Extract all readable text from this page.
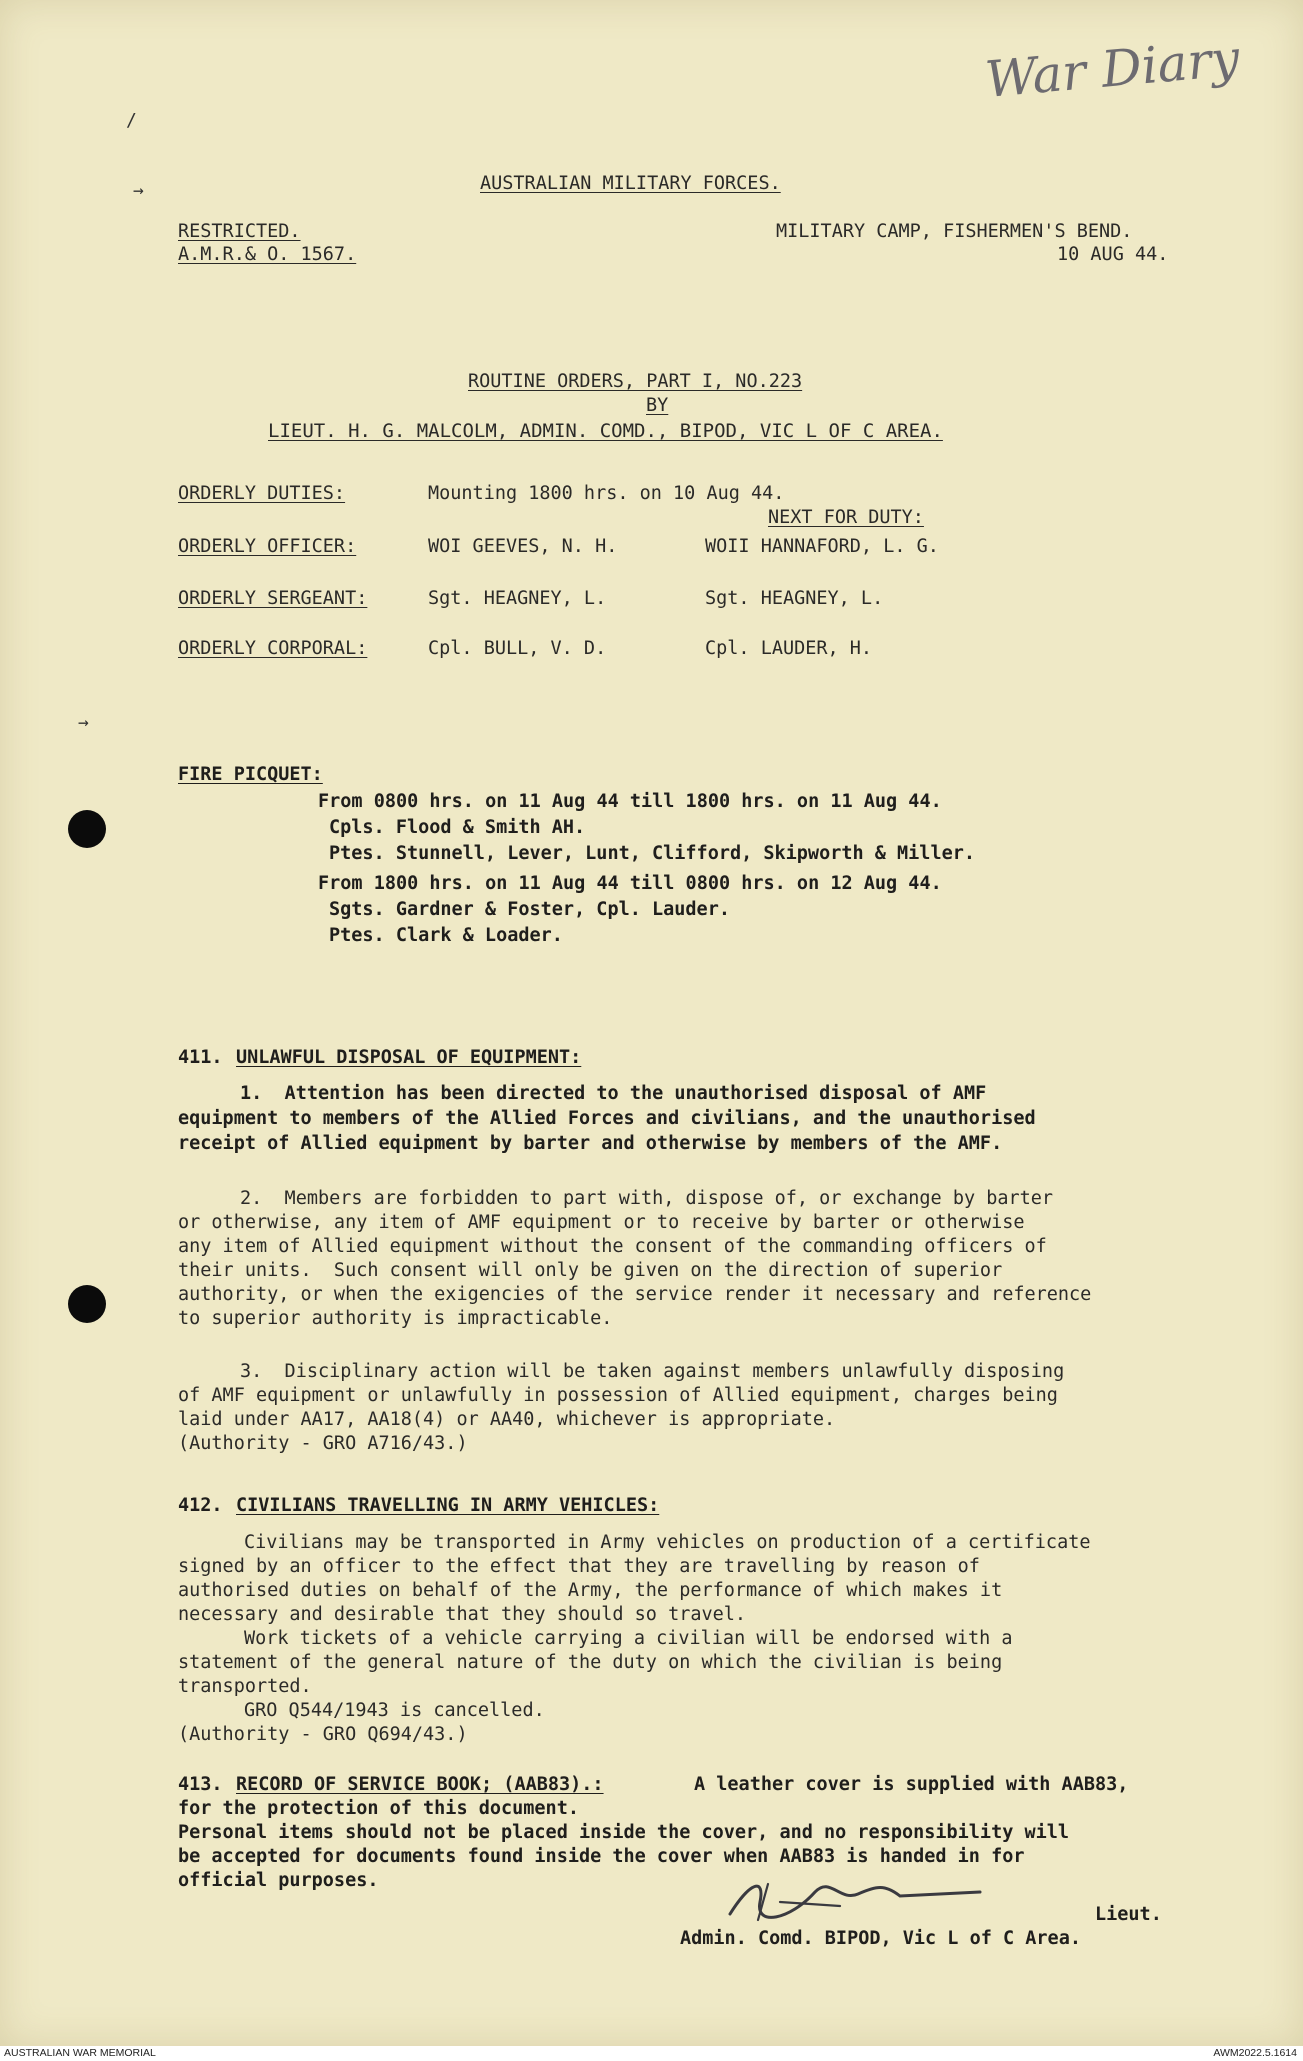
War Diary
/
→
→
AUSTRALIAN MILITARY FORCES.
RESTRICTED.
A.M.R.& O. 1567.
MILITARY CAMP, FISHERMEN'S BEND.
10 AUG 44.
ROUTINE ORDERS, PART I, NO.223
BY
LIEUT. H. G. MALCOLM, ADMIN. COMD., BIPOD, VIC L OF C AREA.
ORDERLY DUTIES:	Mounting 1800 hrs. on 10 Aug 44.
NEXT FOR DUTY:
ORDERLY OFFICER:	WOI GEEVES, N. H.	WOII HANNAFORD, L. G.
ORDERLY SERGEANT:	Sgt. HEAGNEY, L.	Sgt. HEAGNEY, L.
ORDERLY CORPORAL:	Cpl. BULL, V. D.	Cpl. LAUDER, H.
FIRE PICQUET:
From 0800 hrs. on 11 Aug 44 till 1800 hrs. on 11 Aug 44.
Cpls. Flood & Smith AH.
Ptes. Stunnell, Lever, Lunt, Clifford, Skipworth & Miller.
From 1800 hrs. on 11 Aug 44 till 0800 hrs. on 12 Aug 44.
Sgts. Gardner & Foster, Cpl. Lauder.
Ptes. Clark & Loader.
411. UNLAWFUL DISPOSAL OF EQUIPMENT:
1.  Attention has been directed to the unauthorised disposal of AMF
equipment to members of the Allied Forces and civilians, and the unauthorised
receipt of Allied equipment by barter and otherwise by members of the AMF.
2.  Members are forbidden to part with, dispose of, or exchange by barter
or otherwise, any item of AMF equipment or to receive by barter or otherwise
any item of Allied equipment without the consent of the commanding officers of
their units.  Such consent will only be given on the direction of superior
authority, or when the exigencies of the service render it necessary and reference
to superior authority is impracticable.
3.  Disciplinary action will be taken against members unlawfully disposing
of AMF equipment or unlawfully in possession of Allied equipment, charges being
laid under AA17, AA18(4) or AA40, whichever is appropriate.
(Authority - GRO A716/43.)
412. CIVILIANS TRAVELLING IN ARMY VEHICLES:
Civilians may be transported in Army vehicles on production of a certificate
signed by an officer to the effect that they are travelling by reason of
authorised duties on behalf of the Army, the performance of which makes it
necessary and desirable that they should so travel.
Work tickets of a vehicle carrying a civilian will be endorsed with a
statement of the general nature of the duty on which the civilian is being
transported.
GRO Q544/1943 is cancelled.
(Authority - GRO Q694/43.)
413. RECORD OF SERVICE BOOK; (AAB83).:	A leather cover is supplied with AAB83,
for the protection of this document.
Personal items should not be placed inside the cover, and no responsibility will
be accepted for documents found inside the cover when AAB83 is handed in for
official purposes.
Lieut.
Admin. Comd. BIPOD, Vic L of C Area.
AUSTRALIAN WAR MEMORIAL	AWM2022.5.1614
